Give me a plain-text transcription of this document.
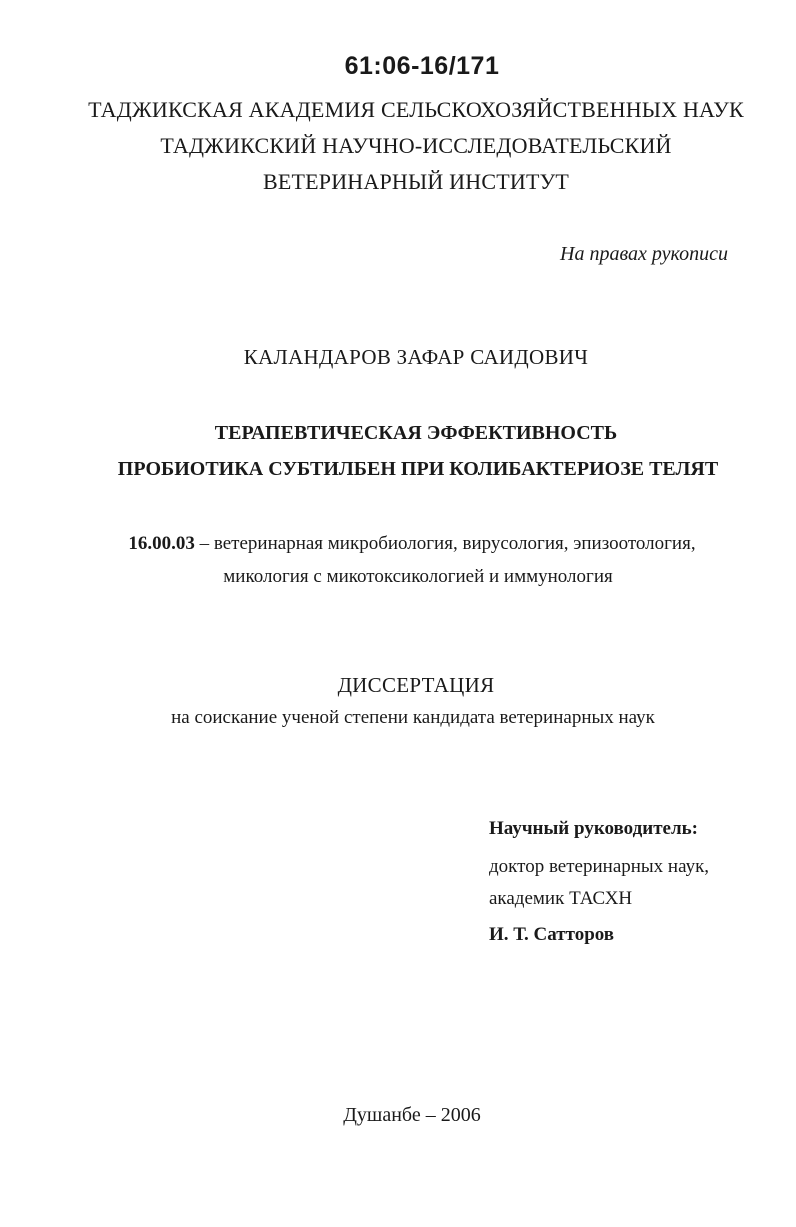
61:06-16/171
ТАДЖИКСКАЯ АКАДЕМИЯ СЕЛЬСКОХОЗЯЙСТВЕННЫХ НАУК
ТАДЖИКСКИЙ НАУЧНО-ИССЛЕДОВАТЕЛЬСКИЙ
ВЕТЕРИНАРНЫЙ ИНСТИТУТ
На правах рукописи
КАЛАНДАРОВ ЗАФАР САИДОВИЧ
ТЕРАПЕВТИЧЕСКАЯ ЭФФЕКТИВНОСТЬ
ПРОБИОТИКА СУБТИЛБЕН ПРИ КОЛИБАКТЕРИОЗЕ ТЕЛЯТ
16.00.03 – ветеринарная микробиология, вирусология, эпизоотология,
микология с микотоксикологией и иммунология
ДИССЕРТАЦИЯ
на соискание ученой степени кандидата ветеринарных наук
Научный руководитель:
доктор ветеринарных наук,
академик ТАСХН
И. Т. Сатторов
Душанбе – 2006
